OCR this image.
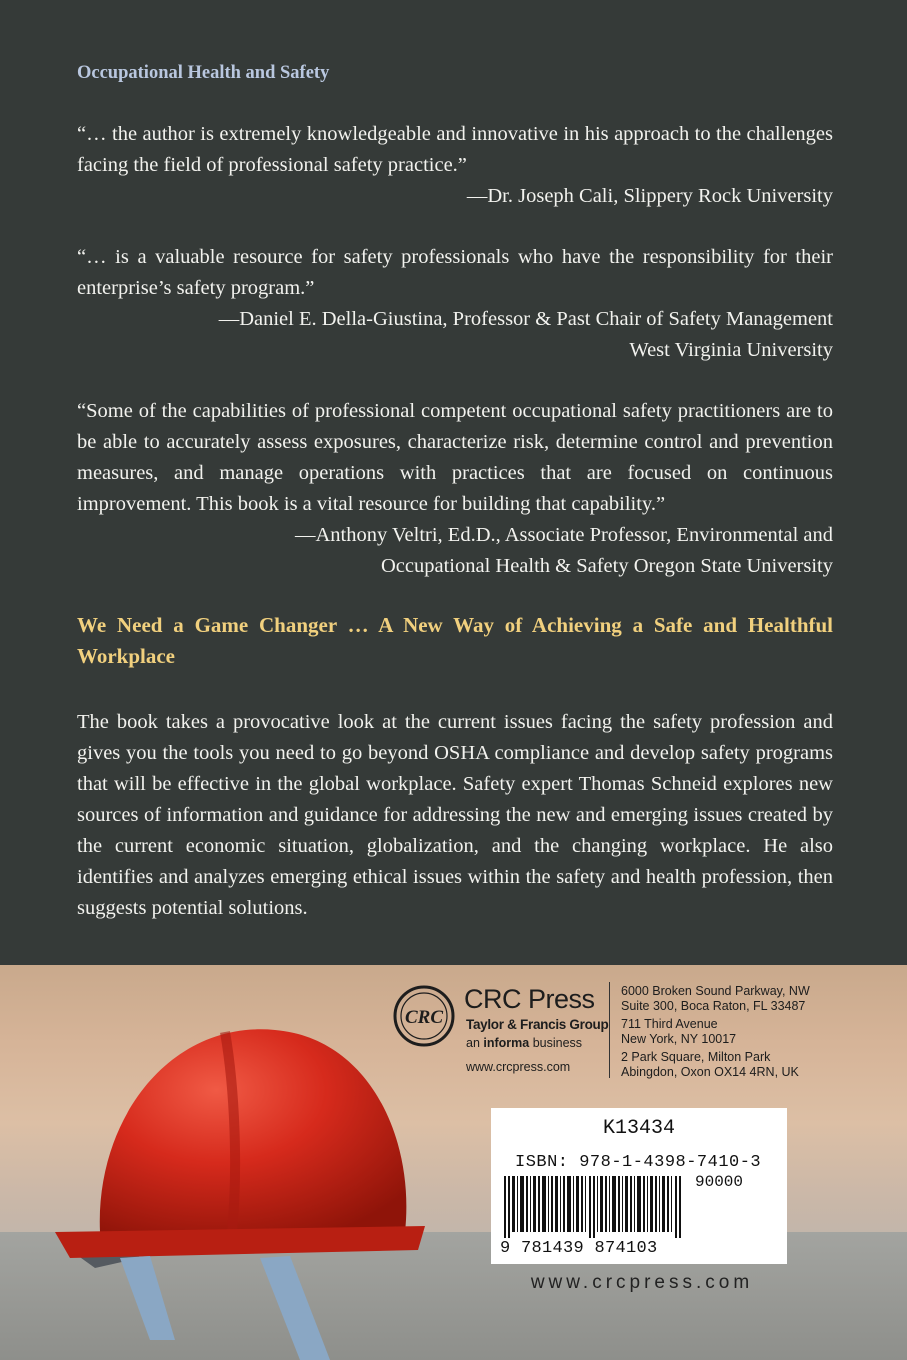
Occupational Health and Safety

“… the author is extremely knowledgeable and innovative in his approach to the challenges facing the field of professional safety practice.”

—Dr. Joseph Cali, Slippery Rock University

“… is a valuable resource for safety professionals who have the responsibility for their enterprise’s safety program.”

—Daniel E. Della-Giustina, Professor & Past Chair of Safety Management

West Virginia University

“Some of the capabilities of professional competent occupational safety practitioners are to be able to accurately assess exposures, characterize risk, determine control and prevention measures, and manage operations with practices that are focused on continuous improvement. This book is a vital resource for building that capability.”

—Anthony Veltri, Ed.D., Associate Professor, Environmental and

Occupational Health & Safety Oregon State University

We Need a Game Changer … A New Way of Achieving a Safe and Healthful Workplace

The book takes a provocative look at the current issues facing the safety profession and gives you the tools you need to go beyond OSHA compliance and develop safety programs that will be effective in the global workplace. Safety expert Thomas Schneid explores new sources of information and guidance for addressing the new and emerging issues created by the current economic situation, globalization, and the changing workplace. He also identifies and analyzes emerging ethical issues within the safety and health profession, then suggests potential solutions.

CRC
CRC Press
Taylor & Francis Group
an informa business
www.crcpress.com
6000 Broken Sound Parkway, NW
Suite 300, Boca Raton, FL 33487
711 Third Avenue
New York, NY 10017
2 Park Square, Milton Park
Abingdon, Oxon OX14 4RN, UK
K13434
ISBN: 978-1-4398-7410-3
90000
9 781439 874103
www.crcpress.com
